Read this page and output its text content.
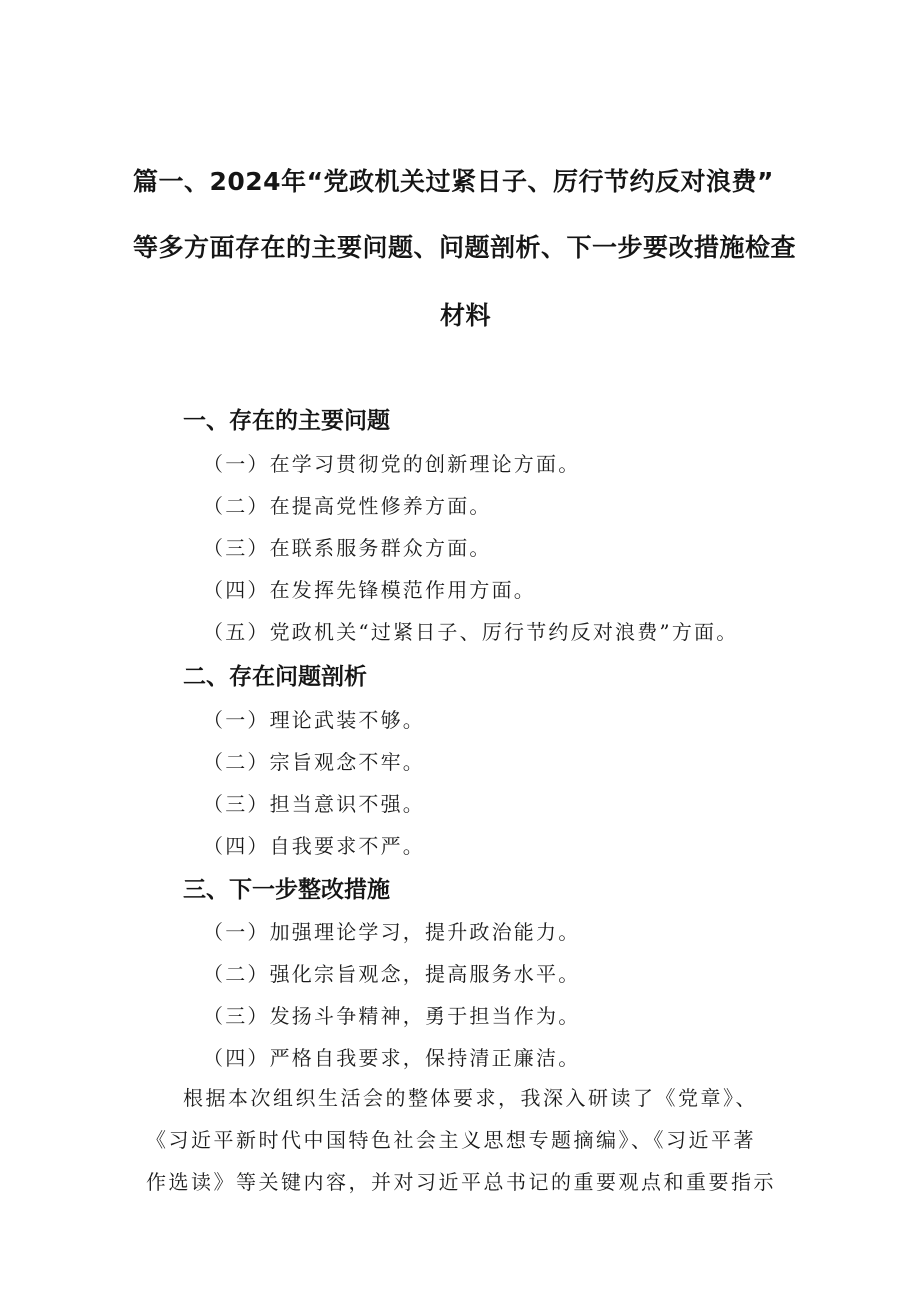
篇一、2024年“党政机关过紧日子、厉行节约反对浪费”
等多方面存在的主要问题、问题剖析、下一步要改措施检查
材料
一、存在的主要问题
（一）在学习贯彻党的创新理论方面。
（二）在提高党性修养方面。
（三）在联系服务群众方面。
（四）在发挥先锋模范作用方面。
（五）党政机关“过紧日子、厉行节约反对浪费”方面。
二、存在问题剖析
（一）理论武装不够。
（二）宗旨观念不牢。
（三）担当意识不强。
（四）自我要求不严。
三、下一步整改措施
（一）加强理论学习，提升政治能力。
（二）强化宗旨观念，提高服务水平。
（三）发扬斗争精神，勇于担当作为。
（四）严格自我要求，保持清正廉洁。
根据本次组织生活会的整体要求，我深入研读了《党章》、
《习近平新时代中国特色社会主义思想专题摘编》、《习近平著
作选读》等关键内容，并对习近平总书记的重要观点和重要指示
